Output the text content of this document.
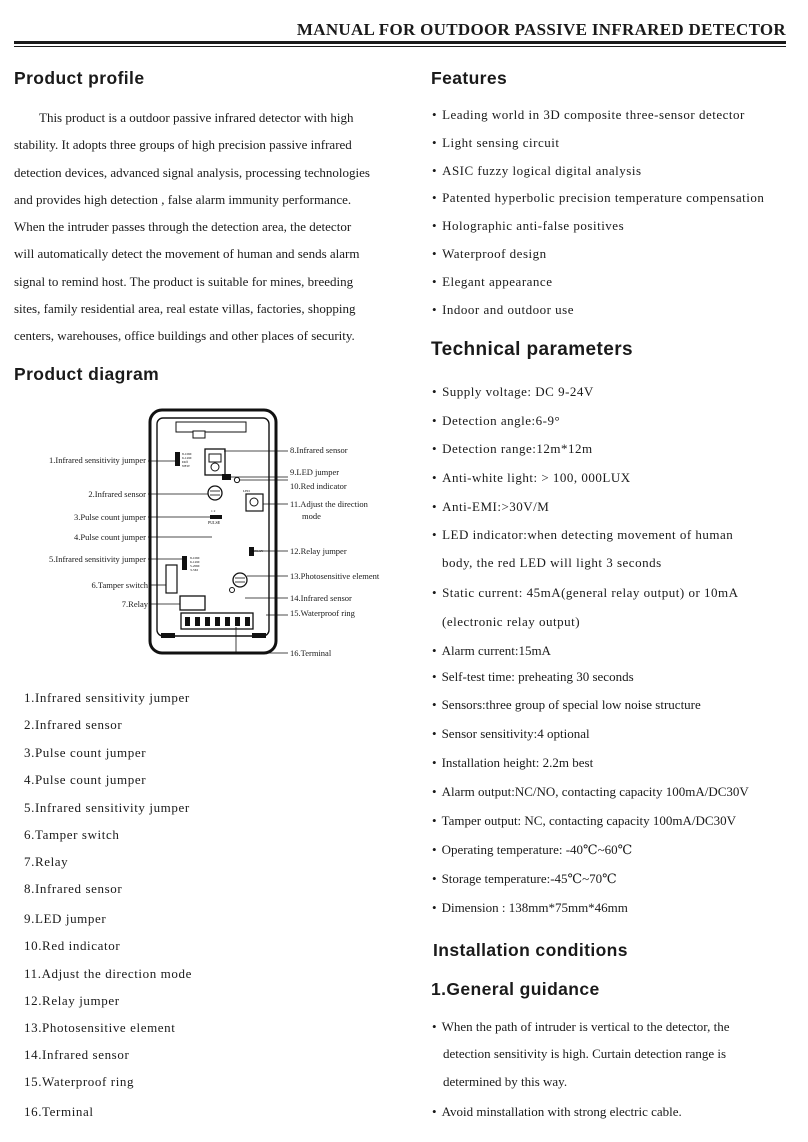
MANUAL FOR OUTDOOR PASSIVE INFRARED DETECTOR
Product profile
This product is a outdoor passive infrared detector with high
stability. It adopts three groups of high precision passive infrared
detection devices, advanced signal analysis, processing technologies
and provides high detection , false alarm immunity performance.
When the intruder passes through the detection area, the detector
will automatically detect the movement of human and sends alarm
signal to remind host. The product is suitable for mines, breeding
sites, family residential area, real estate villas, factories, shopping
centers, warehouses, office buildings and other places of security.
Product diagram
LED
8-10M
6-12M
Diff
NEW
1 2
PULSE
RELAY
8-10M
6-12M
5-20M
3-5M
1.Infrared sensitivity jumper
2.Infrared sensor
3.Pulse count jumper
4.Pulse count jumper
5.Infrared sensitivity jumper
6.Tamper switch
7.Relay
8.Infrared sensor
9.LED jumper
10.Red indicator
11.Adjust the direction
mode
12.Relay jumper
13.Photosensitive element
14.Infrared sensor
15.Waterproof ring
16.Terminal
1.Infrared sensitivity jumper
2.Infrared sensor
3.Pulse count jumper
4.Pulse count jumper
5.Infrared sensitivity jumper
6.Tamper switch
7.Relay
8.Infrared sensor
9.LED jumper
10.Red indicator
11.Adjust the direction mode
12.Relay jumper
13.Photosensitive element
14.Infrared sensor
15.Waterproof ring
16.Terminal
Features
• Leading world in 3D composite three-sensor detector
• Light sensing circuit
• ASIC fuzzy logical digital analysis
• Patented hyperbolic precision temperature compensation
• Holographic anti-false positives
• Waterproof design
• Elegant appearance
• Indoor and outdoor use
Technical parameters
• Supply voltage: DC 9-24V
• Detection angle:6-9°
• Detection range:12m*12m
• Anti-white light: > 100, 000LUX
• Anti-EMI:>30V/M
• LED indicator:when detecting movement of human
body, the red LED will light 3 seconds
• Static current: 45mA(general relay output) or 10mA
(electronic relay output)
• Alarm current:15mA
• Self-test time: preheating 30 seconds
• Sensors:three group of special low noise structure
• Sensor sensitivity:4 optional
• Installation height: 2.2m best
• Alarm output:NC/NO, contacting capacity 100mA/DC30V
• Tamper output: NC, contacting capacity 100mA/DC30V
• Operating temperature: -40℃~60℃
• Storage temperature:-45℃~70℃
• Dimension : 138mm*75mm*46mm
Installation conditions
1.General guidance
• When the path of intruder is vertical to the detector, the
detection sensitivity is high. Curtain detection range is
determined by this way.
• Avoid minstallation with strong electric cable.
